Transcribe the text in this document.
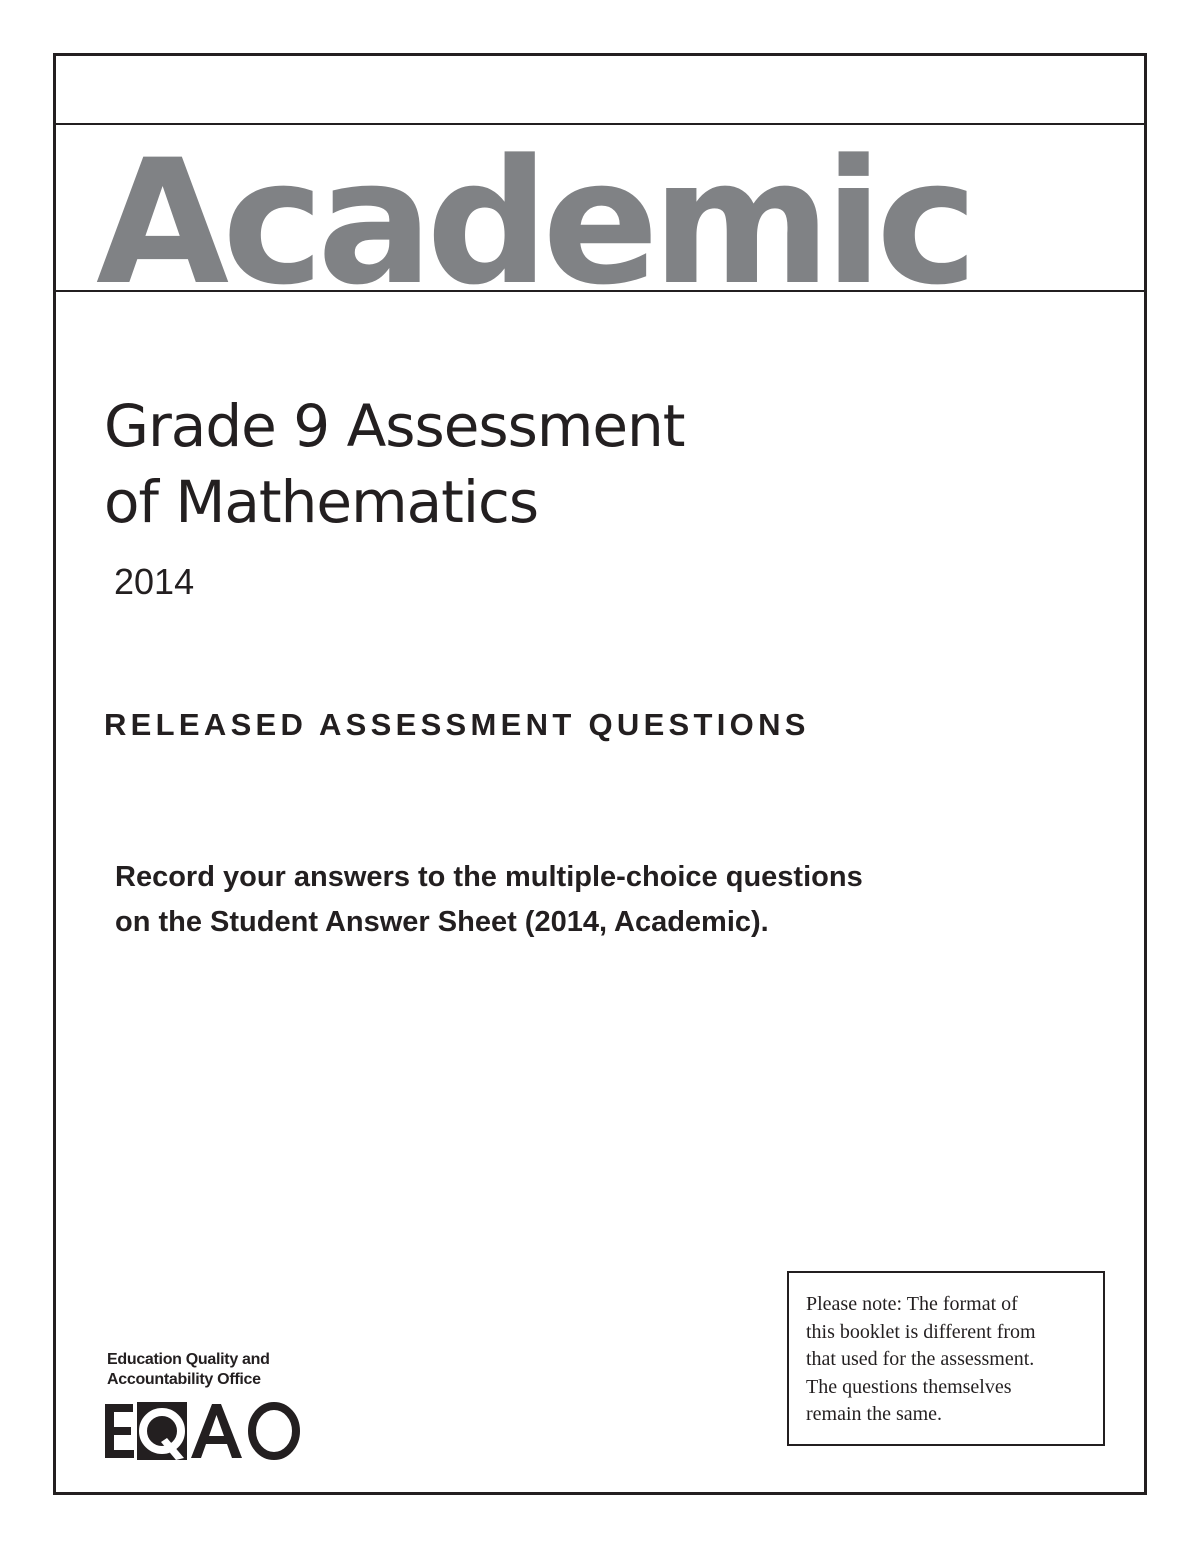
Academic
Grade 9 Assessment
of Mathematics
2014
RELEASED ASSESSMENT QUESTIONS
Record your answers to the multiple-choice questions
on the Student Answer Sheet (2014, Academic).
Education Quality and
Accountability Office
Please note: The format of
this booklet is different from
that used for the assessment.
The questions themselves
remain the same.
